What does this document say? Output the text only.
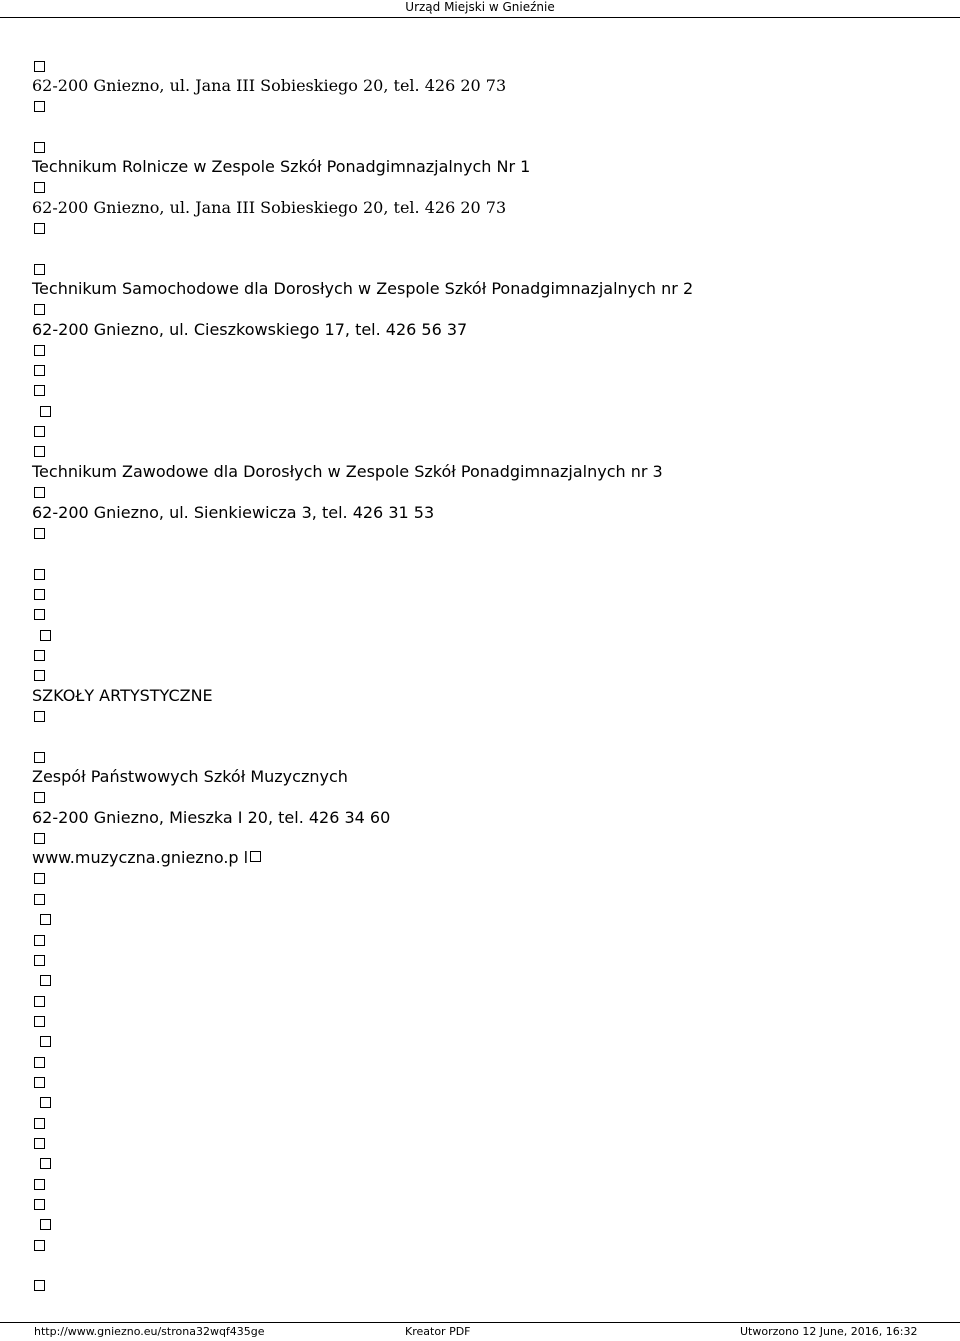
Urząd Miejski w Gnieźnie
62-200 Gniezno, ul. Jana III Sobieskiego 20, tel. 426 20 73
Technikum Rolnicze w Zespole Szkół Ponadgimnazjalnych Nr 1
62-200 Gniezno, ul. Jana III Sobieskiego 20, tel. 426 20 73
Technikum Samochodowe dla Dorosłych w Zespole Szkół Ponadgimnazjalnych nr 2
62-200 Gniezno, ul. Cieszkowskiego 17, tel. 426 56 37
Technikum Zawodowe dla Dorosłych w Zespole Szkół Ponadgimnazjalnych nr 3
62-200 Gniezno, ul. Sienkiewicza 3, tel. 426 31 53
SZKOŁY ARTYSTYCZNE
Zespół Państwowych Szkół Muzycznych
62-200 Gniezno, Mieszka I 20, tel. 426 34 60
www.muzyczna.gniezno.p l
http://www.gniezno.eu/strona32wqf435ge	Kreator PDF	Utworzono 12 June, 2016, 16:32
